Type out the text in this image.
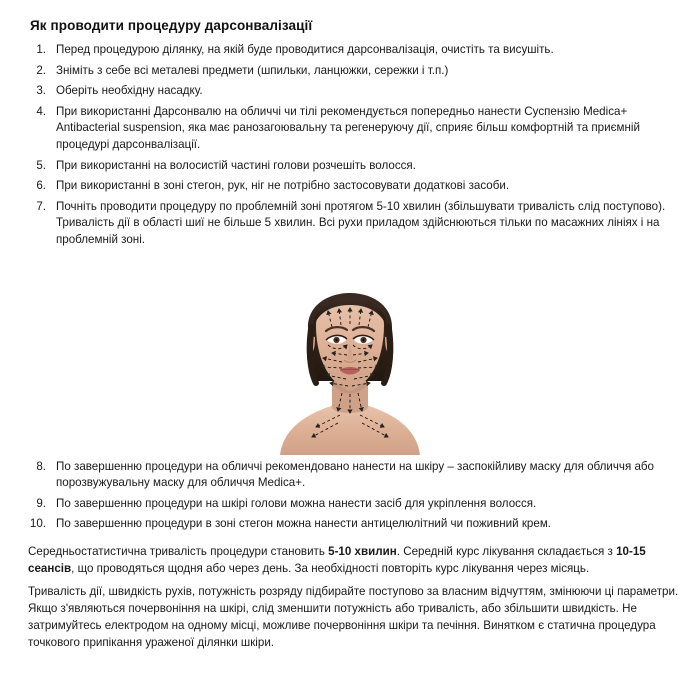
Як проводити процедуру дарсонвалізації
1. Перед процедурою ділянку, на якій буде проводитися дарсонвалізація, очистіть та висушіть.
2. Зніміть з себе всі металеві предмети (шпильки, ланцюжки, сережки і т.п.)
3. Оберіть необхідну насадку.
4. При використанні Дарсонвалю на обличчі чи тілі рекомендується попередньо нанести Суспензію Medica+ Antibacterial suspension, яка має ранозагоювальну та регенеруючу дії, сприяє більш комфортній та приємній процедурі дарсонвалізації.
5. При використанні на волосистій частині голови розчешіть волосся.
6. При використанні в зоні стегон, рук, ніг не потрібно застосовувати додаткові засоби.
7. Почніть проводити процедуру по проблемній зоні протягом 5-10 хвилин (збільшувати тривалість слід поступово). Тривалість дії в області шиї не більше 5 хвилин. Всі рухи приладом здійснюються тільки по масажних лініях і на проблемній зоні.
8. По завершенню процедури на обличчі рекомендовано нанести на шкіру – заспокійливу маску для обличчя або порозвужувальну маску для обличчя Medica+.
9. По завершенню процедури на шкірі голови можна нанести засіб для укріплення волосся.
10. По завершенню процедури в зоні стегон можна нанести антицелюлітний чи поживний крем.

Середньостатистична тривалість процедури становить 5-10 хвилин. Середній курс лікування складається з 10-15 сеансів, що проводяться щодня або через день. За необхідності повторіть курс лікування через місяць.

Тривалість дії, швидкість рухів, потужність розряду підбирайте поступово за власним відчуттям, змінюючи ці параметри. Якщо з'являються почервоніння на шкірі, слід зменшити потужність або тривалість, або збільшити швидкість. Не затримуйтесь електродом на одному місці, можливе почервоніння шкіри та печіння. Винятком є статична процедура точкового припікання ураженої ділянки шкіри.
